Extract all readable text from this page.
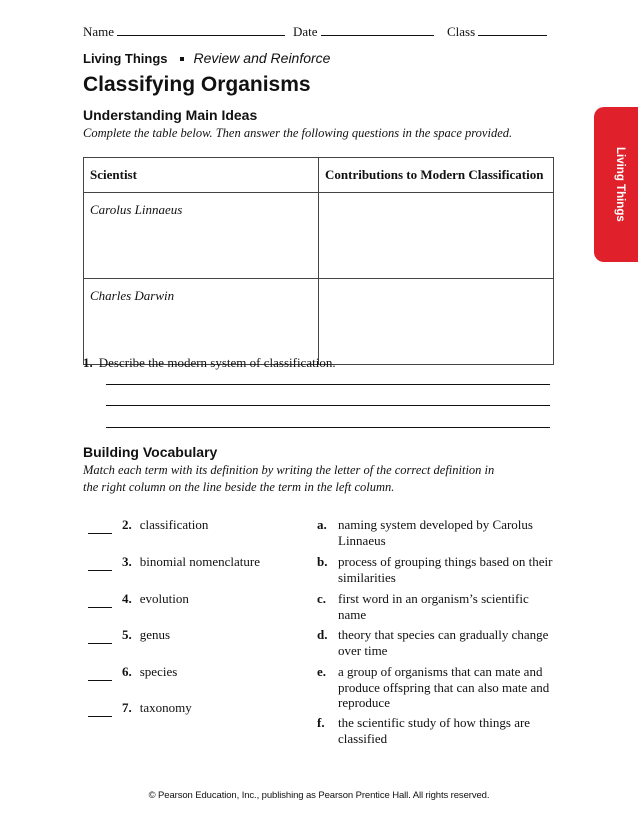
Name	Date	Class
Living Things Review and Reinforce
Classifying Organisms
Understanding Main Ideas
Complete the table below. Then answer the following questions in the space provided.
Scientist	Contributions to Modern Classification
Carolus Linnaeus	
Charles Darwin	
1. Describe the modern system of classification.
Building Vocabulary
Match each term with its definition by writing the letter of the correct definition in the right column on the line beside the term in the left column.
2. classification
3. binomial nomenclature
4. evolution
5. genus
6. species
7. taxonomy
a. naming system developed by Carolus Linnaeus
b. process of grouping things based on their similarities
c. first word in an organism’s scientific name
d. theory that species can gradually change over time
e. a group of organisms that can mate and produce offspring that can also mate and reproduce
f. the scientific study of how things are classified
© Pearson Education, Inc., publishing as Pearson Prentice Hall. All rights reserved.
Living Things
